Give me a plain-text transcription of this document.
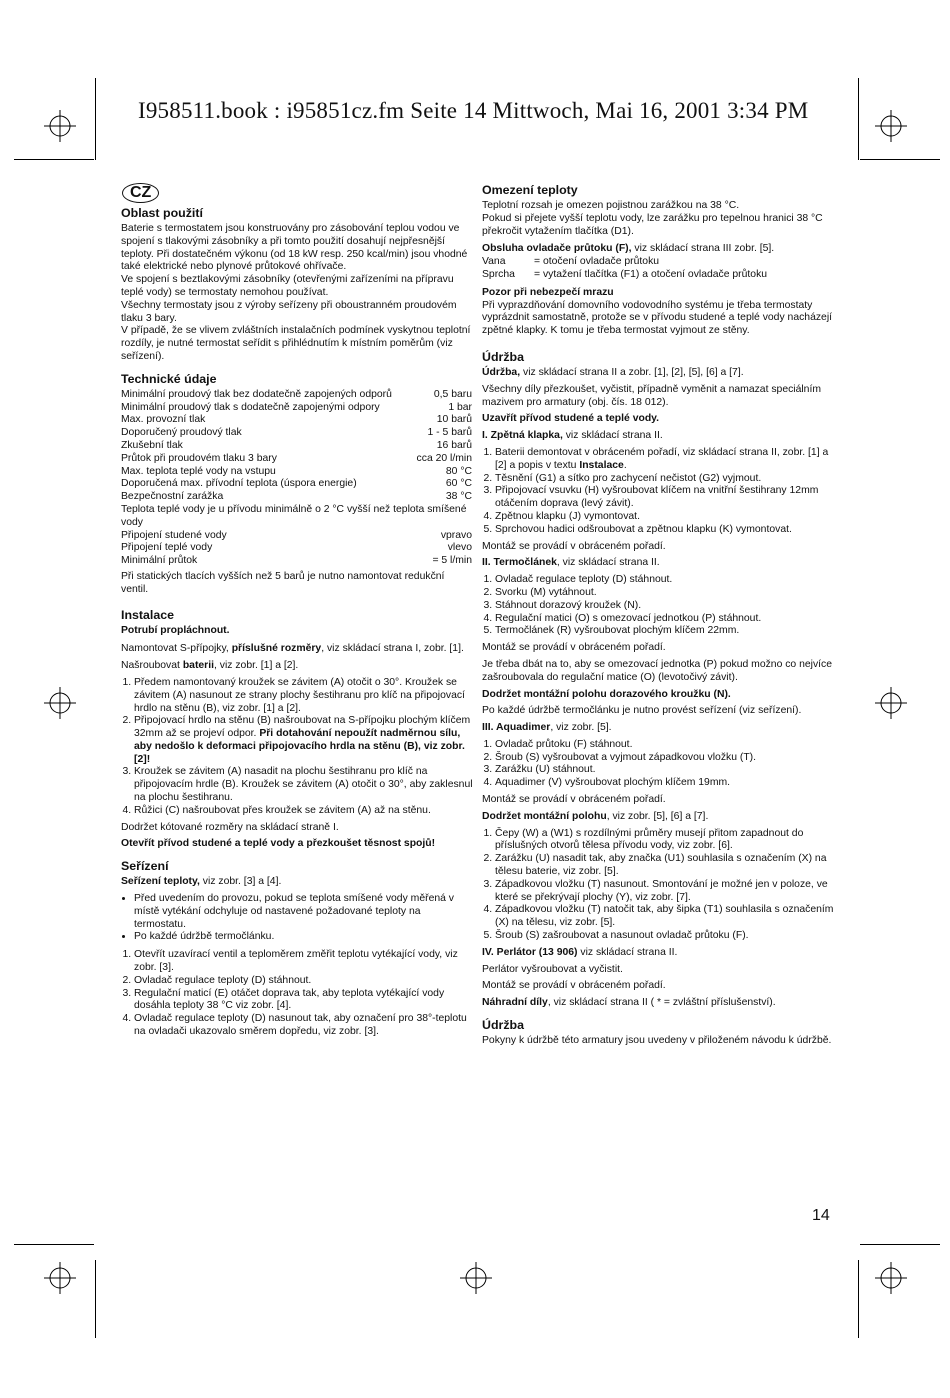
I958511.book : i95851cz.fm Seite 14 Mittwoch, Mai 16, 2001 3:34 PM
CZ
Oblast použití
Baterie s termostatem jsou konstruovány pro zásobování teplou vodou ve spojení s tlakovými zásobníky a při tomto použití dosahují nejpřesnější teploty. Při dostatečném výkonu (od 18 kW resp. 250 kcal/min) jsou vhodné také elektrické nebo plynové průtokové ohřívače.
Ve spojení s beztlakovými zásobníky (otevřenými zařízeními na přípravu teplé vody) se termostaty nemohou používat.
Všechny termostaty jsou z výroby seřízeny při oboustranném proudovém tlaku 3 bary.
V případě, že se vlivem zvláštních instalačních podmínek vyskytnou teplotní rozdíly, je nutné termostat seřídit s přihlédnutím k místním poměrům (viz seřízení).
Technické údaje
Minimální proudový tlak bez dodatečně zapojených odporů	0,5 baru
Minimální proudový tlak s dodatečně zapojenými odpory	1 bar
Max. provozní tlak	10 barů
Doporučený proudový tlak	1 - 5 barů
Zkušební tlak	16 barů
Průtok při proudovém tlaku 3 bary	cca 20 l/min
Max. teplota teplé vody na vstupu	80 °C
Doporučená max. přívodní teplota (úspora energie)	60 °C
Bezpečnostní zarážka	38 °C
Teplota teplé vody je u přívodu minimálně o 2 °C vyšší než teplota smíšené vody
Připojení studené vody	vpravo
Připojení teplé vody	vlevo
Minimální průtok	= 5 l/min

Při statických tlacích vyšších než 5 barů je nutno namontovat redukční ventil.

Instalace

Potrubí propláchnout.

Namontovat S-přípojky, příslušné rozměry, viz skládací strana I, zobr. [1].

Našroubovat baterii, viz zobr. [1] a [2].

1. Předem namontovaný kroužek se závitem (A) otočit o 30°. Kroužek se závitem (A) nasunout ze strany plochy šestihranu pro klíč na připojovací hrdlo na stěnu (B), viz zobr. [1] a [2].
2. Připojovací hrdlo na stěnu (B) našroubovat na S-přípojku plochým klíčem 32mm až se projeví odpor. Při dotahování nepoužít nadměrnou sílu, aby nedošlo k deformaci připojovacího hrdla na stěnu (B), viz zobr. [2]!
3. Kroužek se závitem (A) nasadit na plochu šestihranu pro klíč na připojovacím hrdle (B). Kroužek se závitem (A) otočit o 30°, aby zaklesnul na plochu šestihranu.
4. Růžici (C) našroubovat přes kroužek se závitem (A) až na stěnu.

Dodržet kótované rozměry na skládací straně I.

Otevřít přívod studené a teplé vody a přezkoušet těsnost spojů!

Seřízení

Seřízení teploty, viz zobr. [3] a [4].

• Před uvedením do provozu, pokud se teplota smíšené vody měřená v místě vytékání odchyluje od nastavené požadované teploty na termostatu.
• Po každé údržbě termočlánku.
1. Otevřít uzavírací ventil a teploměrem změřit teplotu vytékající vody, viz zobr. [3].
2. Ovladač regulace teploty (D) stáhnout.
3. Regulační maticí (E) otáčet doprava tak, aby teplota vytékající vody dosáhla teploty 38 °C viz zobr. [4].
4. Ovladač regulace teploty (D) nasunout tak, aby označení pro 38°-teplotu na ovladači ukazovalo směrem dopředu, viz zobr. [3].
Omezení teploty
Teplotní rozsah je omezen pojistnou zarážkou na 38 °C.

Pokud si přejete vyšší teplotu vody, lze zarážku pro tepelnou hranici 38 °C překročit vytažením tlačítka (D1).

Obsluha ovladače průtoku (F), viz skládací strana III zobr. [5].
Vana	= otočení ovladače průtoku
Sprcha	= vytažení tlačítka (F1) a otočení ovladače průtoku
Pozor při nebezpečí mrazu

Při vyprazdňování domovního vodovodního systému je třeba termostaty vyprázdnit samostatně, protože se v přívodu studené a teplé vody nacházejí zpětné klapky. K tomu je třeba termostat vyjmout ze stěny.

Údržba

Údržba, viz skládací strana II a zobr. [1], [2], [5], [6] a [7].

Všechny díly přezkoušet, vyčistit, případně vyměnit a namazat speciálním mazivem pro armatury (obj. čís. 18 012).

Uzavřít přívod studené a teplé vody.

I. Zpětná klapka, viz skládací strana II.

1. Baterii demontovat v obráceném pořadí, viz skládací strana II, zobr. [1] a [2] a popis v textu Instalace.
2. Těsnění (G1) a sítko pro zachycení nečistot (G2) vyjmout.
3. Připojovací vsuvku (H) vyšroubovat klíčem na vnitřní šestihrany 12mm otáčením doprava (levý závit).
4. Zpětnou klapku (J) vymontovat.
5. Sprchovou hadici odšroubovat a zpětnou klapku (K) vymontovat.

Montáž se provádí v obráceném pořadí.

II. Termočlánek, viz skládací strana II.

1. Ovladač regulace teploty (D) stáhnout.
2. Svorku (M) vytáhnout.
3. Stáhnout dorazový kroužek (N).
4. Regulační matici (O) s omezovací jednotkou (P) stáhnout.
5. Termočlánek (R) vyšroubovat plochým klíčem 22mm.

Montáž se provádí v obráceném pořadí.

Je třeba dbát na to, aby se omezovací jednotka (P) pokud možno co nejvíce zašroubovala do regulační matice (O) (levotočivý závit).

Dodržet montážní polohu dorazového kroužku (N).

Po každé údržbě termočlánku je nutno provést seřízení (viz seřízení).

III. Aquadimer, viz zobr. [5].

1. Ovladač průtoku (F) stáhnout.
2. Šroub (S) vyšroubovat a vyjmout západkovou vložku (T).
3. Zarážku (U) stáhnout.
4. Aquadimer (V) vyšroubovat plochým klíčem 19mm.

Montáž se provádí v obráceném pořadí.

Dodržet montážní polohu, viz zobr. [5], [6] a [7].

1. Čepy (W) a (W1) s rozdílnými průměry musejí přitom zapadnout do příslušných otvorů tělesa přívodu vody, viz zobr. [6].
2. Zarážku (U) nasadit tak, aby značka (U1) souhlasila s označením (X) na tělesu baterie, viz zobr. [5].
3. Západkovou vložku (T) nasunout. Smontování je možné jen v poloze, ve které se překrývají plochy (Y), viz zobr. [7].
4. Západkovou vložku (T) natočit tak, aby šipka (T1) souhlasila s označením (X) na tělesu, viz zobr. [5].
5. Šroub (S) zašroubovat a nasunout ovladač průtoku (F).

IV. Perlátor (13 906) viz skládací strana II.

Perlátor vyšroubovat a vyčistit.

Montáž se provádí v obráceném pořadí.

Náhradní díly, viz skládací strana II ( * = zvláštní příslušenství).

Údržba

Pokyny k údržbě této armatury jsou uvedeny v přiloženém návodu k údržbě.

14
